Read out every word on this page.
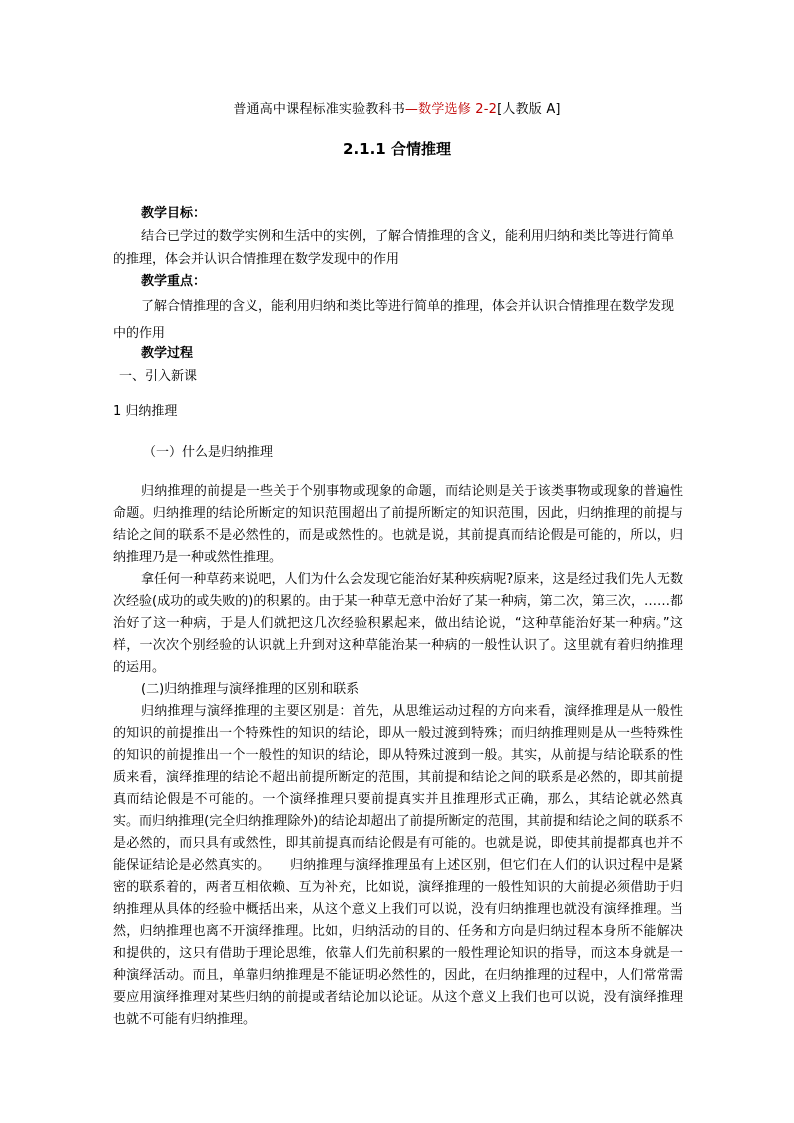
普通高中课程标准实验教科书—数学选修 2-2[人教版 A]
2.1.1 合情推理
教学目标：
结合已学过的数学实例和生活中的实例，了解合情推理的含义，能利用归纳和类比等进行简单的推理，体会并认识合情推理在数学发现中的作用
教学重点：
了解合情推理的含义，能利用归纳和类比等进行简单的推理，体会并认识合情推理在数学发现中的作用
教学过程
一、引入新课
1 归纳推理
（一）什么是归纳推理
归纳推理的前提是一些关于个别事物或现象的命题，而结论则是关于该类事物或现象的普遍性命题。归纳推理的结论所断定的知识范围超出了前提所断定的知识范围，因此，归纳推理的前提与结论之间的联系不是必然性的，而是或然性的。也就是说，其前提真而结论假是可能的，所以，归纳推理乃是一种或然性推理。
拿任何一种草药来说吧，人们为什么会发现它能治好某种疾病呢?原来，这是经过我们先人无数次经验(成功的或失败的)的积累的。由于某一种草无意中治好了某一种病，第二次，第三次，……都治好了这一种病，于是人们就把这几次经验积累起来，做出结论说，“这种草能治好某一种病。”这样，一次次个别经验的认识就上升到对这种草能治某一种病的一般性认识了。这里就有着归纳推理的运用。
(二)归纳推理与演绎推理的区别和联系
归纳推理与演绎推理的主要区别是：首先，从思维运动过程的方向来看，演绎推理是从一般性的知识的前提推出一个特殊性的知识的结论，即从一般过渡到特殊；而归纳推理则是从一些特殊性的知识的前提推出一个一般性的知识的结论，即从特殊过渡到一般。其实，从前提与结论联系的性质来看，演绎推理的结论不超出前提所断定的范围，其前提和结论之间的联系是必然的，即其前提真而结论假是不可能的。一个演绎推理只要前提真实并且推理形式正确，那么，其结论就必然真实。而归纳推理(完全归纳推理除外)的结论却超出了前提所断定的范围，其前提和结论之间的联系不是必然的，而只具有或然性，即其前提真而结论假是有可能的。也就是说，即使其前提都真也并不能保证结论是必然真实的。　　归纳推理与演绎推理虽有上述区别，但它们在人们的认识过程中是紧密的联系着的，两者互相依赖、互为补充，比如说，演绎推理的一般性知识的大前提必须借助于归纳推理从具体的经验中概括出来，从这个意义上我们可以说，没有归纳推理也就没有演绎推理。当然，归纳推理也离不开演绎推理。比如，归纳活动的目的、任务和方向是归纳过程本身所不能解决和提供的，这只有借助于理论思维，依靠人们先前积累的一般性理论知识的指导，而这本身就是一种演绎活动。而且，单靠归纳推理是不能证明必然性的，因此，在归纳推理的过程中，人们常常需要应用演绎推理对某些归纳的前提或者结论加以论证。从这个意义上我们也可以说，没有演绎推理也就不可能有归纳推理。
